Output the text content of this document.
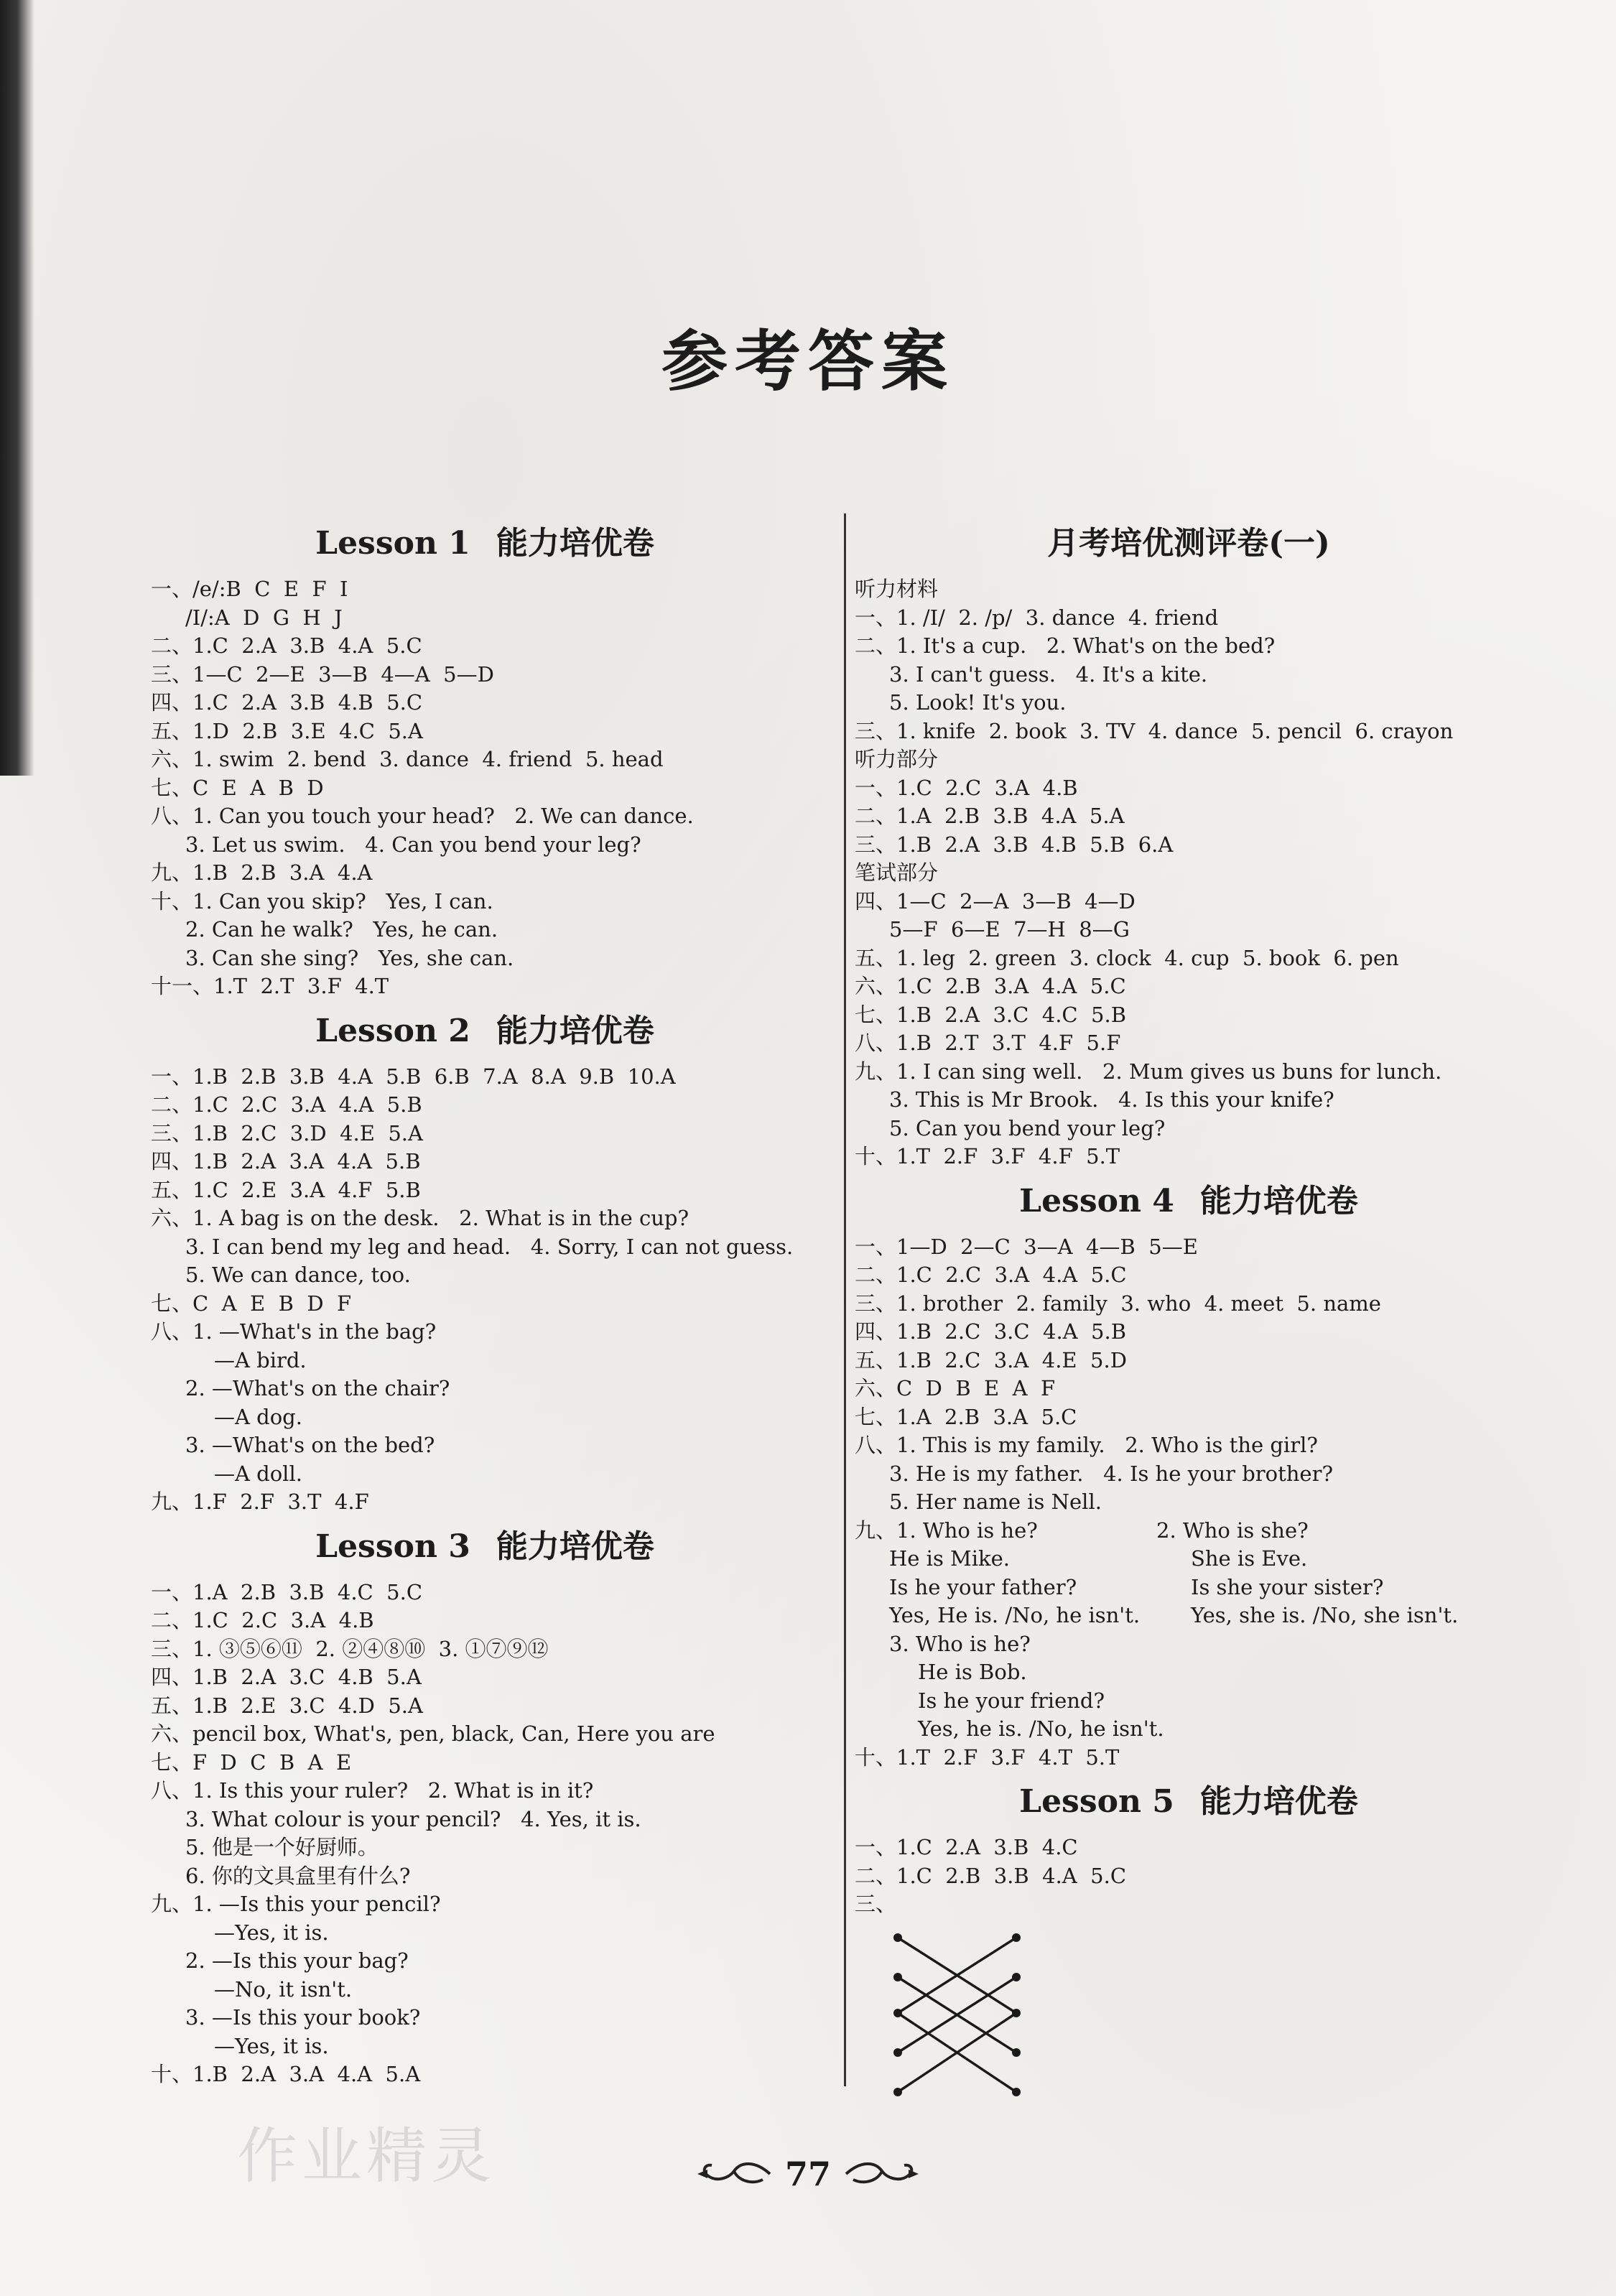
参考答案
Lesson 1 能力培优卷
一、/e/:B  C  E  F  I
/I/:A  D  G  H  J
二、1.C  2.A  3.B  4.A  5.C
三、1—C  2—E  3—B  4—A  5—D
四、1.C  2.A  3.B  4.B  5.C
五、1.D  2.B  3.E  4.C  5.A
六、1. swim  2. bend  3. dance  4. friend  5. head
七、C  E  A  B  D
八、1. Can you touch your head?   2. We can dance.
3. Let us swim.   4. Can you bend your leg?
九、1.B  2.B  3.A  4.A
十、1. Can you skip?   Yes, I can.
2. Can he walk?   Yes, he can.
3. Can she sing?   Yes, she can.
十一、1.T  2.T  3.F  4.T
Lesson 2 能力培优卷
一、1.B  2.B  3.B  4.A  5.B  6.B  7.A  8.A  9.B  10.A
二、1.C  2.C  3.A  4.A  5.B
三、1.B  2.C  3.D  4.E  5.A
四、1.B  2.A  3.A  4.A  5.B
五、1.C  2.E  3.A  4.F  5.B
六、1. A bag is on the desk.   2. What is in the cup?
3. I can bend my leg and head.   4. Sorry, I can not guess.
5. We can dance, too.
七、C  A  E  B  D  F
八、1. —What's in the bag?
—A bird.
2. —What's on the chair?
—A dog.
3. —What's on the bed?
—A doll.
九、1.F  2.F  3.T  4.F
Lesson 3 能力培优卷
一、1.A  2.B  3.B  4.C  5.C
二、1.C  2.C  3.A  4.B
三、1. ③⑤⑥⑪  2. ②④⑧⑩  3. ①⑦⑨⑫
四、1.B  2.A  3.C  4.B  5.A
五、1.B  2.E  3.C  4.D  5.A
六、pencil box, What's, pen, black, Can, Here you are
七、F  D  C  B  A  E
八、1. Is this your ruler?   2. What is in it?
3. What colour is your pencil?   4. Yes, it is.
5. 他是一个好厨师。
6. 你的文具盒里有什么?
九、1. —Is this your pencil?
—Yes, it is.
2. —Is this your bag?
—No, it isn't.
3. —Is this your book?
—Yes, it is.
十、1.B  2.A  3.A  4.A  5.A
月考培优测评卷(一)
听力材料
一、1. /I/  2. /p/  3. dance  4. friend
二、1. It's a cup.   2. What's on the bed?
3. I can't guess.   4. It's a kite.
5. Look! It's you.
三、1. knife  2. book  3. TV  4. dance  5. pencil  6. crayon
听力部分
一、1.C  2.C  3.A  4.B
二、1.A  2.B  3.B  4.A  5.A
三、1.B  2.A  3.B  4.B  5.B  6.A
笔试部分
四、1—C  2—A  3—B  4—D
5—F  6—E  7—H  8—G
五、1. leg  2. green  3. clock  4. cup  5. book  6. pen
六、1.C  2.B  3.A  4.A  5.C
七、1.B  2.A  3.C  4.C  5.B
八、1.B  2.T  3.T  4.F  5.F
九、1. I can sing well.   2. Mum gives us buns for lunch.
3. This is Mr Brook.   4. Is this your knife?
5. Can you bend your leg?
十、1.T  2.F  3.F  4.F  5.T
Lesson 4 能力培优卷
一、1—D  2—C  3—A  4—B  5—E
二、1.C  2.C  3.A  4.A  5.C
三、1. brother  2. family  3. who  4. meet  5. name
四、1.B  2.C  3.C  4.A  5.B
五、1.B  2.C  3.A  4.E  5.D
六、C  D  B  E  A  F
七、1.A  2.B  3.A  5.C
八、1. This is my family.   2. Who is the girl?
3. He is my father.   4. Is he your brother?
5. Her name is Nell.
九、1. Who is he?	2. Who is she?
He is Mike.	She is Eve.
Is he your father?	Is she your sister?
Yes, He is. /No, he isn't.	Yes, she is. /No, she isn't.
3. Who is he?
He is Bob.
Is he your friend?
Yes, he is. /No, he isn't.
十、1.T  2.F  3.F  4.T  5.T
Lesson 5 能力培优卷
一、1.C  2.A  3.B  4.C
二、1.C  2.B  3.B  4.A  5.C
三、
作业精灵	77
